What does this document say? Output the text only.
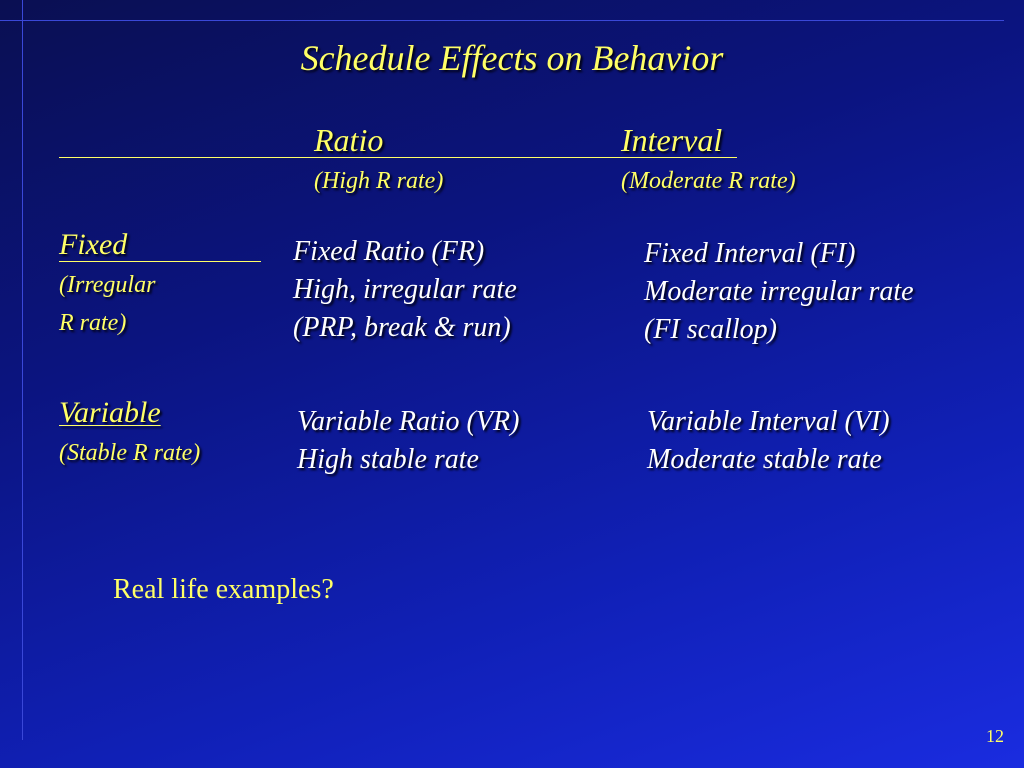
Schedule Effects on Behavior
Ratio
(High R rate)
Interval
(Moderate R rate)
Fixed
(Irregular
R rate)
Variable
(Stable R rate)
Fixed Ratio (FR)
High, irregular rate
(PRP, break & run)
Fixed Interval (FI)
Moderate irregular rate
(FI scallop)
Variable Ratio (VR)
High stable rate
Variable Interval (VI)
Moderate stable rate
Real life examples?
12
